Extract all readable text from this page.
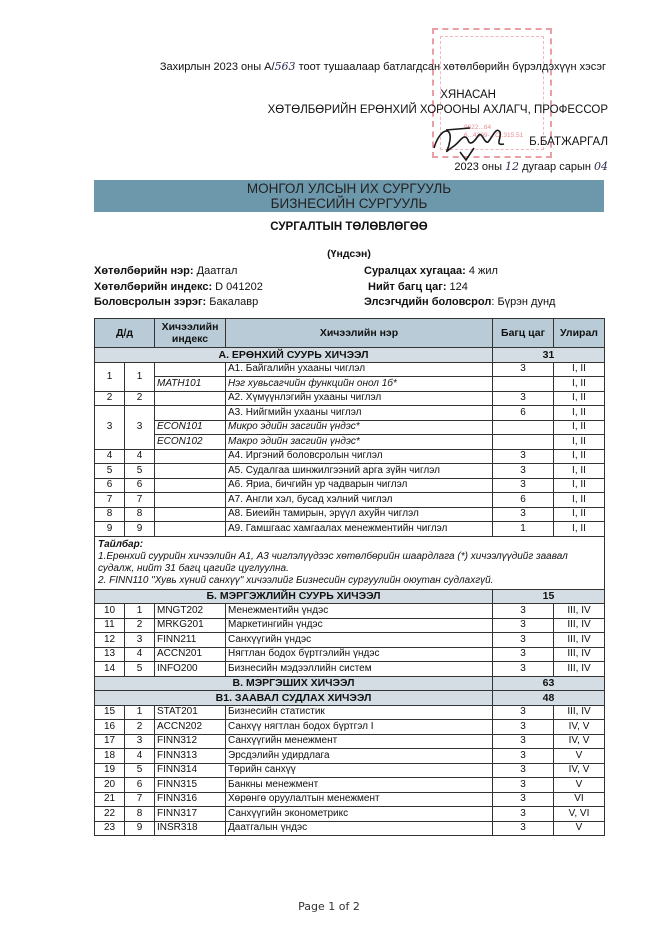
9622...64
6...4309-...С..315.51
Захирлын 2023 оны А/563 тоот тушаалаар батлагдсан хөтөлбөрийн бүрэлдэхүүн хэсэг
ХЯНАСАН
ХӨТӨЛБӨРИЙН ЕРӨНХИЙ ХОРООНЫ АХЛАГЧ, ПРОФЕССОР
Б.БАТЖАРГАЛ
2023 оны 12 дугаар сарын 04
МОНГОЛ УЛСЫН ИХ СУРГУУЛЬ
БИЗНЕСИЙН СУРГУУЛЬ
СУРГАЛТЫН ТӨЛӨВЛӨГӨӨ
(Үндсэн)
Хөтөлбөрийн нэр: Даатгал
Хөтөлбөрийн индекс: D 041202
Боловсролын зэрэг: Бакалавр
Суралцах хугацаа: 4 жил
Нийт багц цаг: 124
Элсэгчдийн боловсрол: Бүрэн дунд
Д/д		Хичээлийн индекс	Хичээлийн нэр	Багц цаг	Улирал
А. ЕРӨНХИЙ СУУРЬ ХИЧЭЭЛ				31	
1	1		А1. Байгалийн ухааны чиглэл	3	I, II
		MATH101	Нэг хувьсагчийн функцийн онол 1б*		I, II
2	2		А2. Хүмүүнлэгийн ухааны чиглэл	3	I, II
3	3		А3. Нийгмийн ухааны чиглэл	6	I, II
		ECON101	Микро эдийн засгийн үндэс*		I, II
		ECON102	Макро эдийн засгийн үндэс*		I, II
4	4		А4. Иргэний боловсролын чиглэл	3	I, II
5	5		А5. Судалгаа шинжилгээний арга зүйн чиглэл	3	I, II
6	6		А6. Яриа, бичгийн ур чадварын чиглэл	3	I, II
7	7		А7. Англи хэл, бусад хэлний чиглэл	6	I, II
8	8		А8. Биеийн тамирын, эрүүл ахуйн чиглэл	3	I, II
9	9		А9. Гамшгаас хамгаалах менежментийн чиглэл	1	I, II

Тайлбар:
1.Ерөнхий суурийн хичээлийн А1, А3 чиглэлүүдээс хөтөлбөрийн шаардлага (*) хичээлүүдийг заавал судалж, нийт 31 багц цагийг цуглуулна.
2. FINN110 "Хувь хүний санхүү" хичээлийг Бизнесийн сургуулийн оюутан судлахгүй.					

Б. МЭРГЭЖЛИЙН СУУРЬ ХИЧЭЭЛ				15	
10	1	MNGT202	Менежментийн үндэс	3	III, IV
11	2	MRKG201	Маркетингийн үндэс	3	III, IV
12	3	FINN211	Санхүүгийн үндэс	3	III, IV
13	4	ACCN201	Нягтлан бодох бүртгэлийн үндэс	3	III, IV
14	5	INFO200	Бизнесийн мэдээллийн систем	3	III, IV
В. МЭРГЭШИХ ХИЧЭЭЛ				63	
В1. ЗААВАЛ СУДЛАХ ХИЧЭЭЛ				48	
15	1	STAT201	Бизнесийн статистик	3	III, IV
16	2	ACCN202	Санхүү нягтлан бодох бүртгэл I	3	IV, V
17	3	FINN312	Санхүүгийн менежмент	3	IV, V
18	4	FINN313	Эрсдэлийн удирдлага	3	V
19	5	FINN314	Төрийн санхүү	3	IV, V
20	6	FINN315	Банкны менежмент	3	V
21	7	FINN316	Хөрөнгө оруулалтын менежмент	3	VI
22	8	FINN317	Санхүүгийн эконометрикс	3	V, VI
23	9	INSR318	Даатгалын үндэс	3	V
Page 1 of 2
